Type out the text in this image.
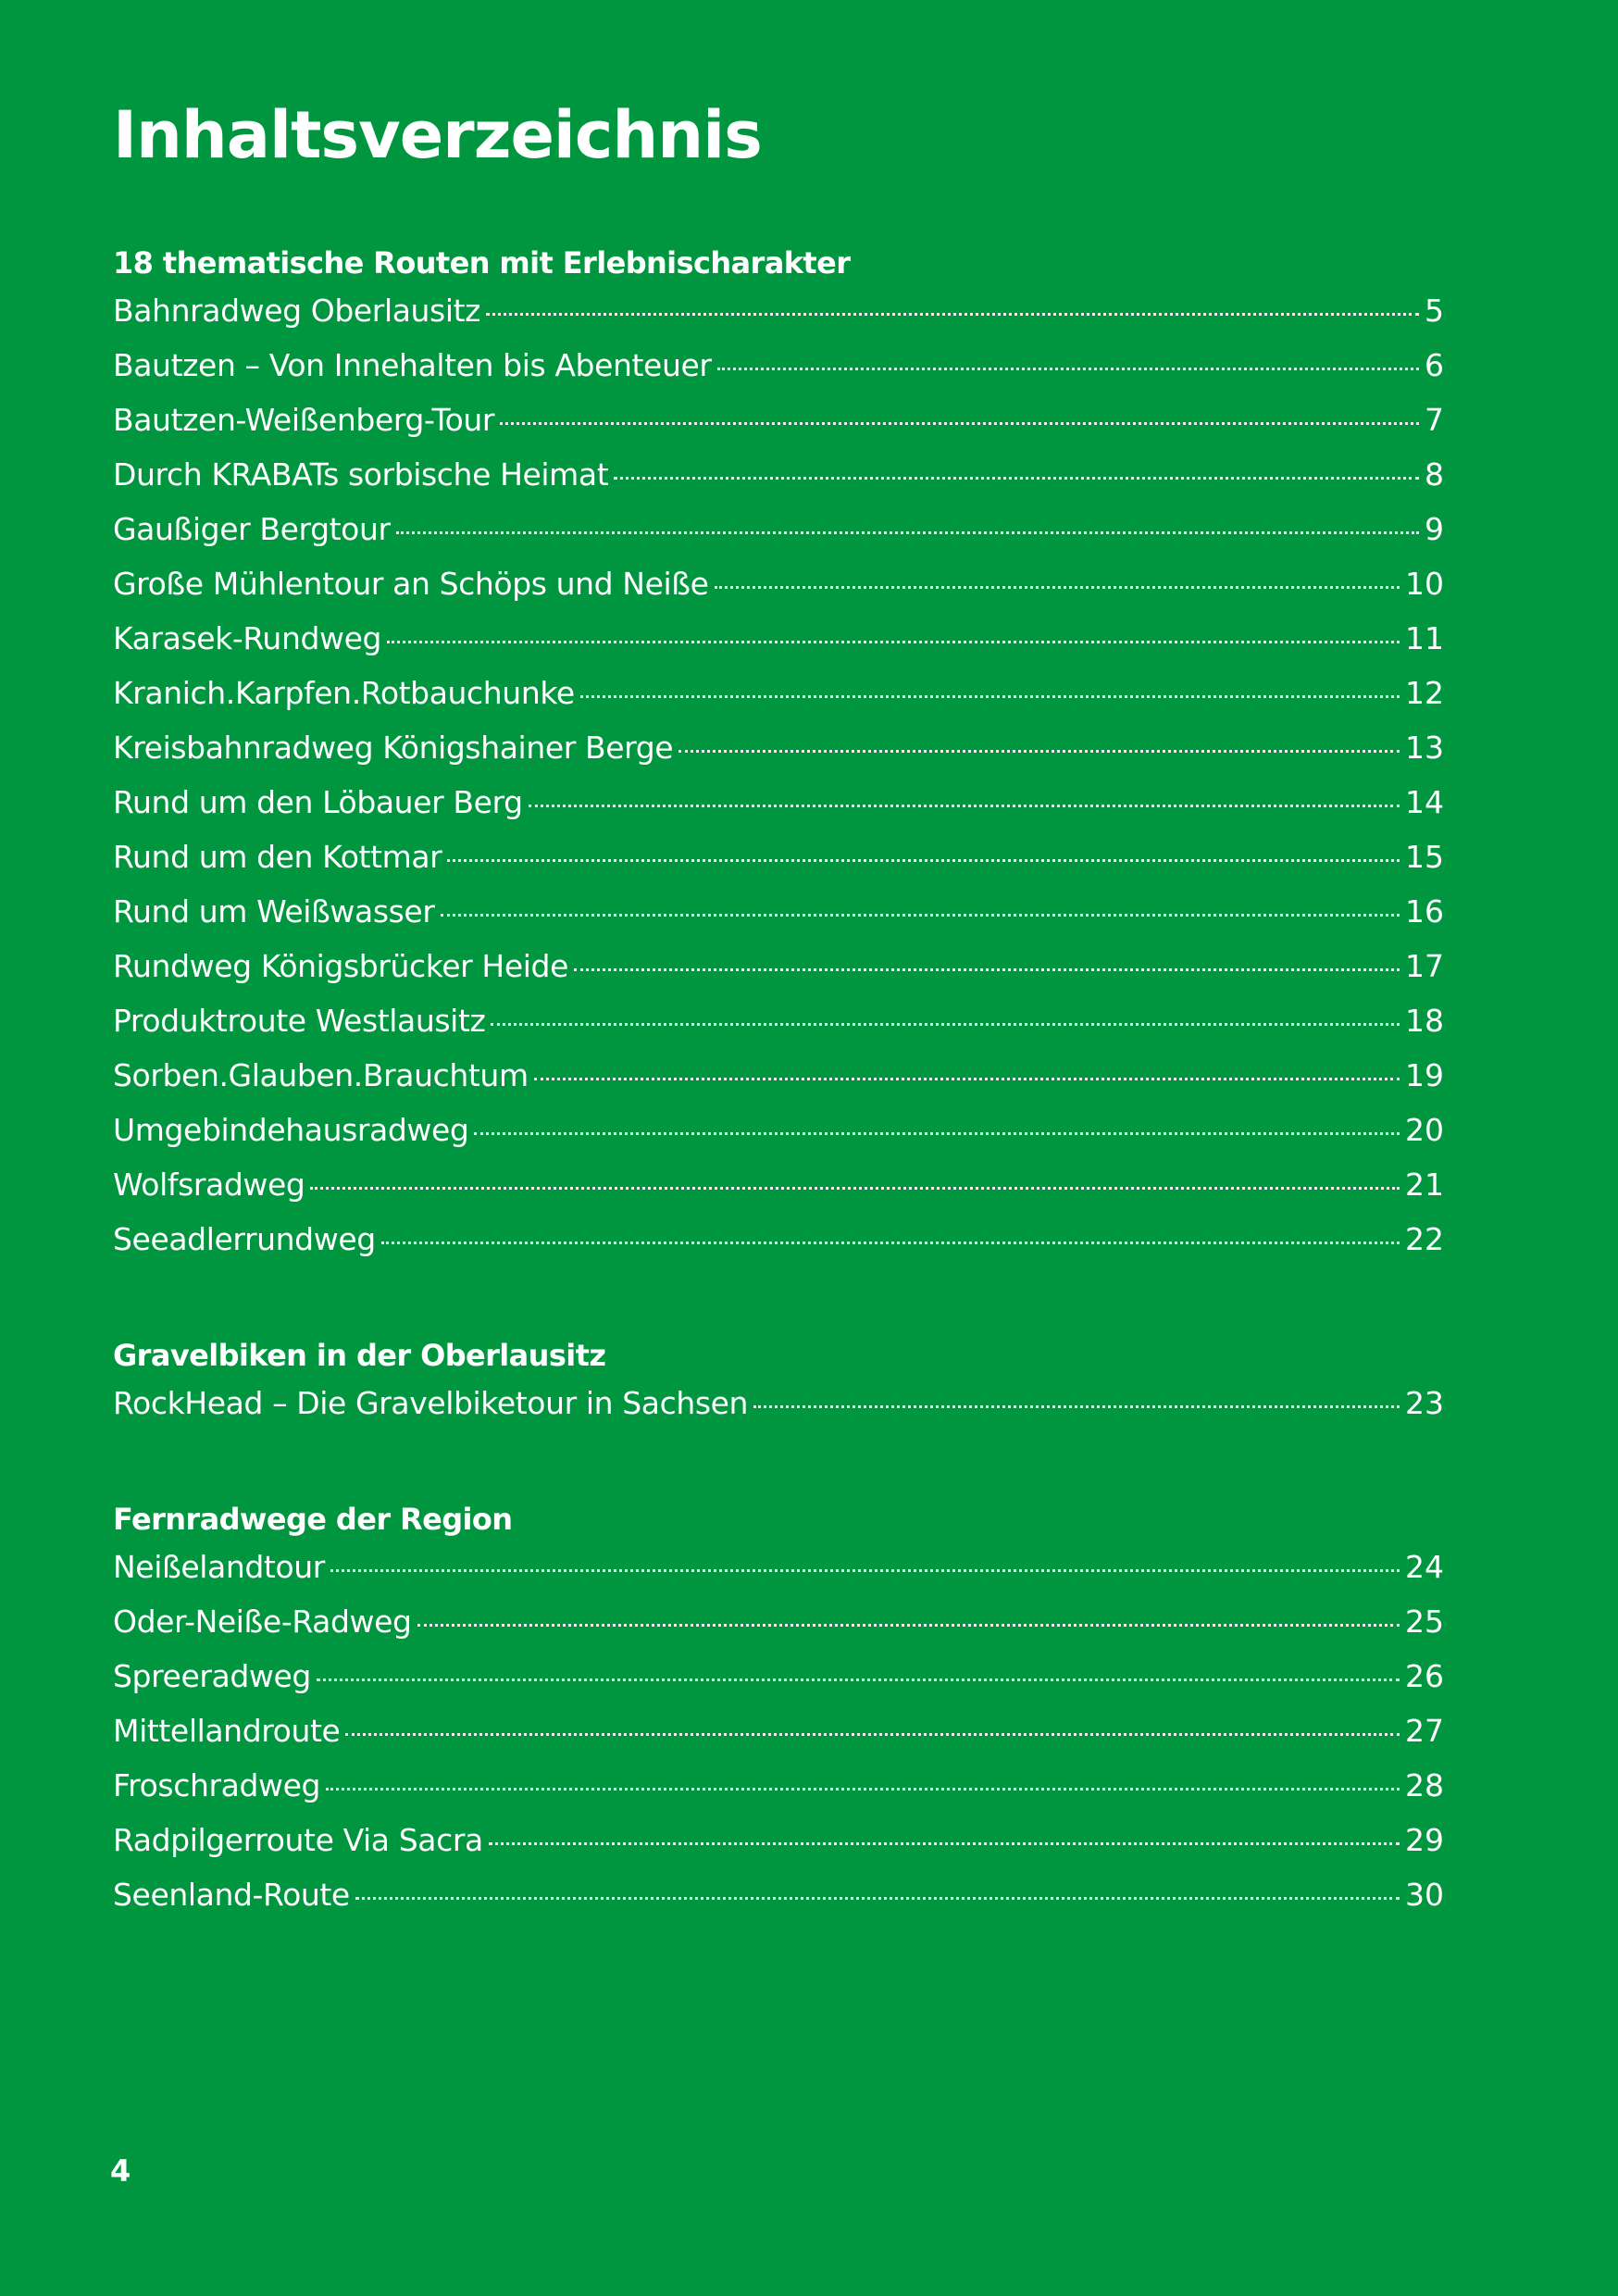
Inhaltsverzeichnis
18 thematische Routen mit Erlebnischarakter
Bahnradweg Oberlausitz	5
Bautzen – Von Innehalten bis Abenteuer	6
Bautzen-Weißenberg-Tour	7
Durch KRABATs sorbische Heimat	8
Gaußiger Bergtour	9
Große Mühlentour an Schöps und Neiße	10
Karasek-Rundweg	11
Kranich.Karpfen.Rotbauchunke	12
Kreisbahnradweg Königshainer Berge	13
Rund um den Löbauer Berg	14
Rund um den Kottmar	15
Rund um Weißwasser	16
Rundweg Königsbrücker Heide	17
Produktroute Westlausitz	18
Sorben.Glauben.Brauchtum	19
Umgebindehausradweg	20
Wolfsradweg	21
Seeadlerrundweg	22
Gravelbiken in der Oberlausitz
RockHead – Die Gravelbiketour in Sachsen	23
Fernradwege der Region
Neißelandtour	24
Oder-Neiße-Radweg	25
Spreeradweg	26
Mittellandroute	27
Froschradweg	28
Radpilgerroute Via Sacra	29
Seenland-Route	30
4
